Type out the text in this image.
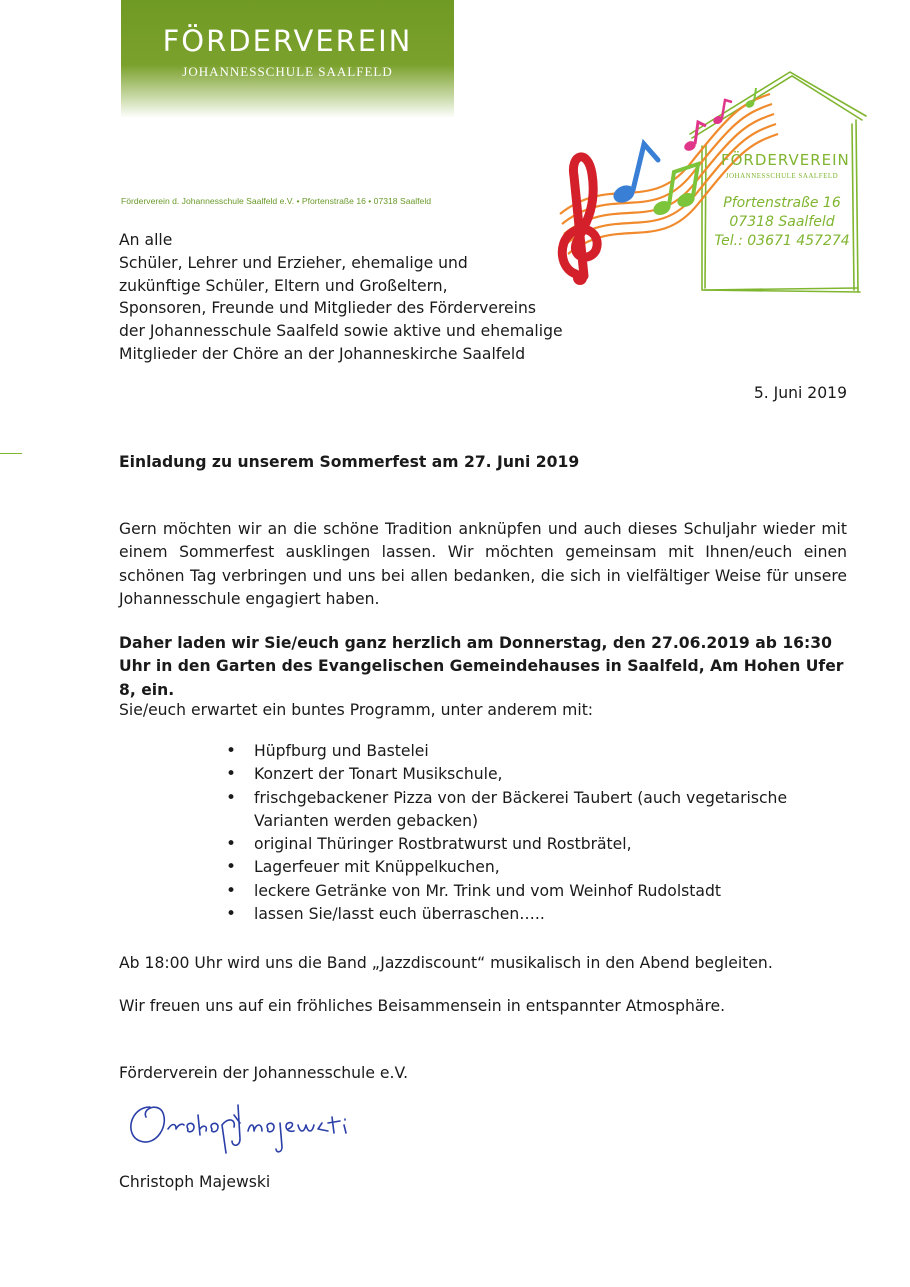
FÖRDERVEREIN
JOHANNESSCHULE SAALFELD
Förderverein d. Johannesschule Saalfeld e.V. • Pfortenstraße 16 • 07318 Saalfeld
FÖRDERVEREIN
JOHANNESSCHULE SAALFELD
Pfortenstraße 16
07318 Saalfeld
Tel.: 03671 457274
An alle
Schüler, Lehrer und Erzieher, ehemalige und
zukünftige Schüler, Eltern und Großeltern,
Sponsoren, Freunde und Mitglieder des Fördervereins
der Johannesschule Saalfeld sowie aktive und ehemalige
Mitglieder der Chöre an der Johanneskirche Saalfeld
5. Juni 2019
Einladung zu unserem Sommerfest am 27. Juni 2019
Gern möchten wir an die schöne Tradition anknüpfen und auch dieses Schuljahr wieder mit einem Sommerfest ausklingen lassen. Wir möchten gemeinsam mit Ihnen/euch einen schönen Tag verbringen und uns bei allen bedanken, die sich in vielfältiger Weise für unsere Johannesschule engagiert haben.
Daher laden wir Sie/euch ganz herzlich am Donnerstag, den 27.06.2019 ab 16:30 Uhr in den Garten des Evangelischen Gemeindehauses in Saalfeld, Am Hohen Ufer 8, ein.
Sie/euch erwartet ein buntes Programm, unter anderem mit:
• Hüpfburg und Bastelei
• Konzert der Tonart Musikschule,
• frischgebackener Pizza von der Bäckerei Taubert (auch vegetarische Varianten werden gebacken)
• original Thüringer Rostbratwurst und Rostbrätel,
• Lagerfeuer mit Knüppelkuchen,
• leckere Getränke von Mr. Trink und vom Weinhof Rudolstadt
• lassen Sie/lasst euch überraschen…..
Ab 18:00 Uhr wird uns die Band „Jazzdiscount“ musikalisch in den Abend begleiten.
Wir freuen uns auf ein fröhliches Beisammensein in entspannter Atmosphäre.
Förderverein der Johannesschule e.V.
Christoph Majewski
